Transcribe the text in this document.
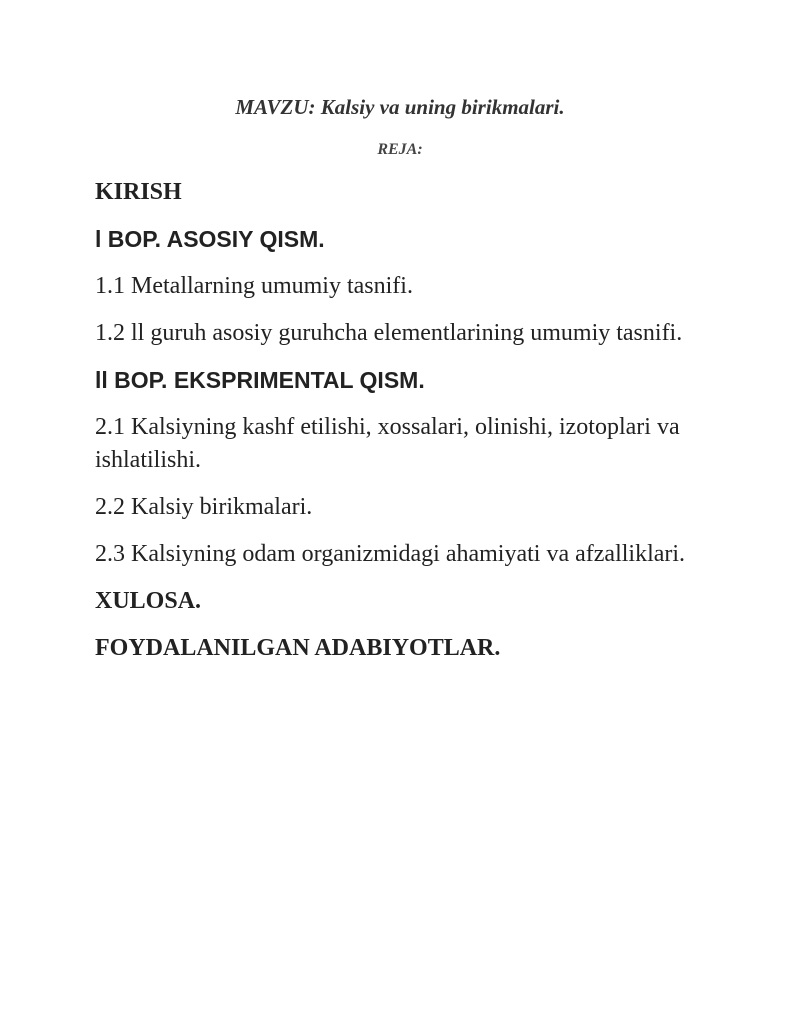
MAVZU: Kalsiy va uning birikmalari.
REJA:
KIRISH
l BOP. ASOSIY QISM.
1.1 Metallarning umumiy tasnifi.
1.2 ll guruh asosiy guruhcha elementlarining umumiy tasnifi.
ll BOP. EKSPRIMENTAL QISM.
2.1 Kalsiyning kashf etilishi, xossalari, olinishi, izotoplari va ishlatilishi.
2.2 Kalsiy birikmalari.
2.3 Kalsiyning odam organizmidagi ahamiyati va afzalliklari.
XULOSA.
FOYDALANILGAN ADABIYOTLAR.
